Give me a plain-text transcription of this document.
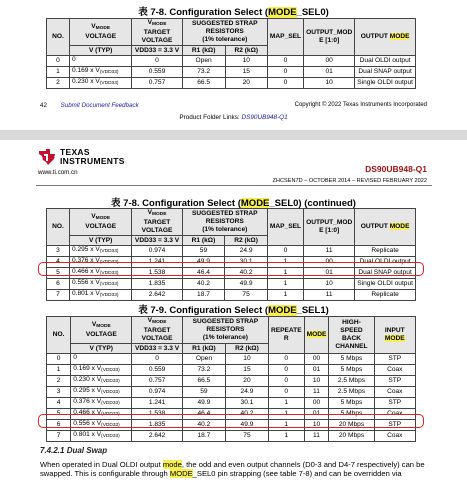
表 7-8. Configuration Select (MODE_SEL0)
NO.	$V_{MODE}$
VOLTAGE	$V_{MODE}$
TARGET
VOLTAGE	SUGGESTED STRAP
RESISTORS
(1% tolerance)		MAP_SEL	OUTPUT_MOD
E [1:0]	OUTPUT MODE
	V (TYP)	VDD33 = 3.3 V	R1 (kΩ)	R2 (kΩ)			
0	0	0	Open	10	0	00	Dual OLDI output
1	0.169 x $V_{(VDD33)}$	0.559	73.2	15	0	01	Dual SNAP output
2	0.230 x $V_{(VDD33)}$	0.757	66.5	20	0	10	Single OLDI output
42 Submit Document Feedback	Copyright © 2022 Texas Instruments Incorporated
Product Folder Links: DS90UB948-Q1
TEXAS
INSTRUMENTS
www.ti.com.cn	DS90UB948-Q1
ZHCSEN7D – OCTOBER 2014 – REVISED FEBRUARY 2022
表 7-8. Configuration Select (MODE_SEL0) (continued)
NO.	$V_{MODE}$
VOLTAGE	$V_{MODE}$
TARGET
VOLTAGE	SUGGESTED STRAP
RESISTORS
(1% tolerance)		MAP_SEL	OUTPUT_MOD
E [1:0]	OUTPUT MODE
	V (TYP)	VDD33 = 3.3 V	R1 (kΩ)	R2 (kΩ)			
3	0.295 x $V_{(VDD33)}$	0.974	59	24.9	0	11	Replicate
4	0.376 x $V_{(VDD33)}$	1.241	49.9	30.1	1	00	Dual OLDI output
5	0.466 x $V_{(VDD33)}$	1.538	46.4	40.2	1	01	Dual SNAP output
6	0.556 x $V_{(VDD33)}$	1.835	40.2	49.9	1	10	Single OLDI output
7	0.801 x $V_{(VDD33)}$	2.642	18.7	75	1	11	Replicate
表 7-9. Configuration Select (MODE_SEL1)
NO.	$V_{MODE}$
VOLTAGE	$V_{MODE}$
TARGET
VOLTAGE	SUGGESTED STRAP
RESISTORS
(1% tolerance)		REPEATE
R	MODE	HIGH-SPEED
BACK
CHANNEL	INPUT
MODE
	V (TYP)	VDD33 = 3.3 V	R1 (kΩ)	R2 (kΩ)				
0	0	0	Open	10	0	00	5 Mbps	STP
1	0.169 x $V_{(VDD33)}$	0.559	73.2	15	0	01	5 Mbps	Coax
2	0.230 x $V_{(VDD33)}$	0.757	66.5	20	0	10	2.5 Mbps	STP
3	0.295 x $V_{(VDD33)}$	0.974	59	24.9	0	11	2.5 Mbps	Coax
4	0.376 x $V_{(VDD33)}$	1.241	49.9	30.1	1	00	5 Mbps	STP
5	0.466 x $V_{(VDD33)}$	1.538	46.4	40.2	1	01	5 Mbps	Coax
6	0.556 x $V_{(VDD33)}$	1.835	40.2	49.9	1	10	20 Mbps	STP
7	0.801 x $V_{(VDD33)}$	2.642	18.7	75	1	11	20 Mbps	Coax
7.4.2.1 Dual Swap
When operated in Dual OLDI output mode, the odd and even output channels (D0-3 and D4-7 respectively) can be swapped. This is configurable through MODE_SEL0 pin strapping (see table 7-8) and can be overridden via
